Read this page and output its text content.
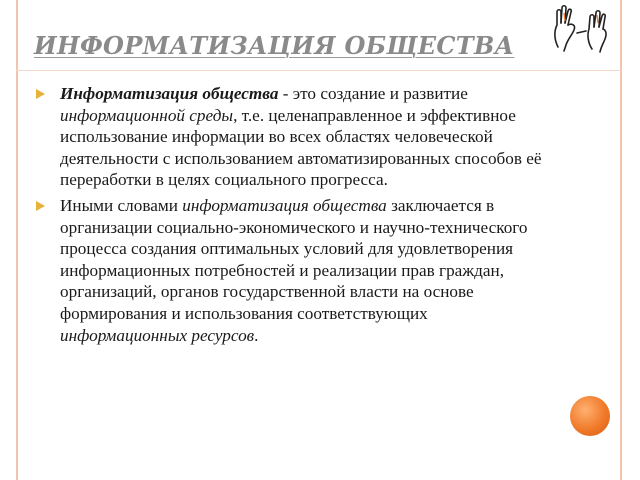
ИНФОРМАТИЗАЦИЯ ОБЩЕСТВА
Информатизация общества - это создание и развитие информационной среды, т.е. целенаправленное и эффективное использование информации во всех областях человеческой деятельности с использованием автоматизированных способов её переработки в целях социального прогресса.
Иными словами информатизация общества заключается в организации социально-экономического и научно-технического процесса создания оптимальных условий для удовлетворения информационных потребностей и реализации прав граждан, организаций, органов государственной власти на основе формирования и использования соответствующих информационных ресурсов.
